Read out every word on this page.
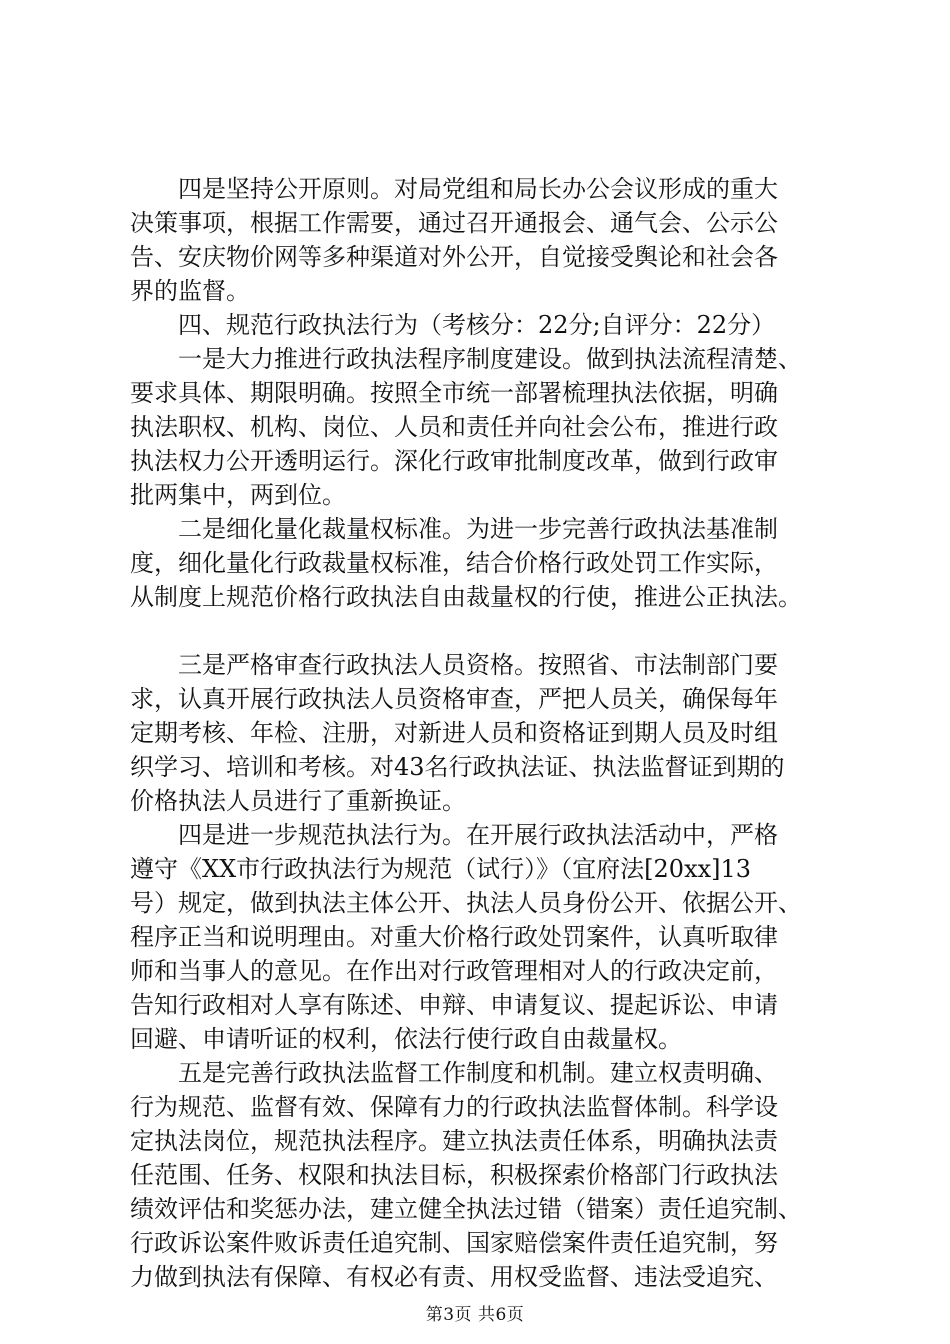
四是坚持公开原则。对局党组和局长办公会议形成的重大
决策事项，根据工作需要，通过召开通报会、通气会、公示公
告、安庆物价网等多种渠道对外公开，自觉接受舆论和社会各
界的监督。
四、规范行政执法行为（考核分：22分;自评分：22分）
一是大力推进行政执法程序制度建设。做到执法流程清楚、
要求具体、期限明确。按照全市统一部署梳理执法依据，明确
执法职权、机构、岗位、人员和责任并向社会公布，推进行政
执法权力公开透明运行。深化行政审批制度改革，做到行政审
批两集中，两到位。
二是细化量化裁量权标准。为进一步完善行政执法基准制
度，细化量化行政裁量权标准，结合价格行政处罚工作实际，
从制度上规范价格行政执法自由裁量权的行使，推进公正执法。
三是严格审查行政执法人员资格。按照省、市法制部门要
求，认真开展行政执法人员资格审查，严把人员关，确保每年
定期考核、年检、注册，对新进人员和资格证到期人员及时组
织学习、培训和考核。对43名行政执法证、执法监督证到期的
价格执法人员进行了重新换证。
四是进一步规范执法行为。在开展行政执法活动中，严格
遵守《XX市行政执法行为规范（试行）》（宜府法[20xx]13
号）规定，做到执法主体公开、执法人员身份公开、依据公开、
程序正当和说明理由。对重大价格行政处罚案件，认真听取律
师和当事人的意见。在作出对行政管理相对人的行政决定前，
告知行政相对人享有陈述、申辩、申请复议、提起诉讼、申请
回避、申请听证的权利，依法行使行政自由裁量权。
五是完善行政执法监督工作制度和机制。建立权责明确、
行为规范、监督有效、保障有力的行政执法监督体制。科学设
定执法岗位，规范执法程序。建立执法责任体系，明确执法责
任范围、任务、权限和执法目标，积极探索价格部门行政执法
绩效评估和奖惩办法，建立健全执法过错（错案）责任追究制、
行政诉讼案件败诉责任追究制、国家赔偿案件责任追究制，努
力做到执法有保障、有权必有责、用权受监督、违法受追究、
第3页 共6页
